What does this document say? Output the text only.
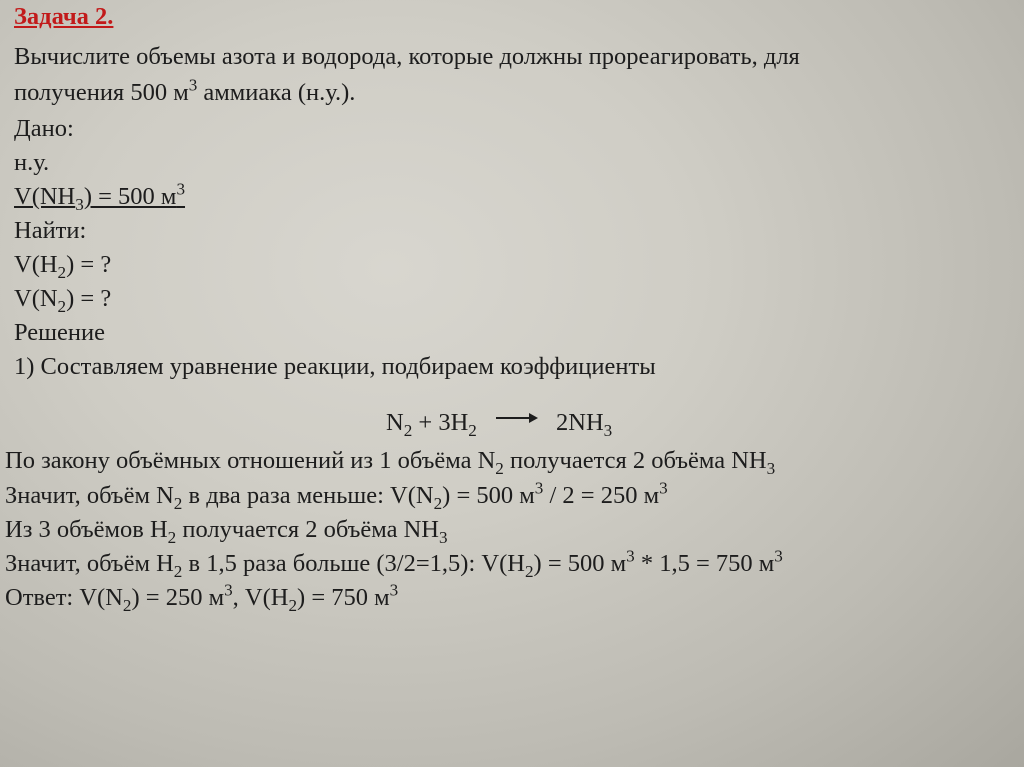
Задача 2.
Вычислите объемы азота и водорода, которые должны прореагировать, для
получения 500 $м^3$ аммиака (н.у.).
Дано:
н.у.
$V(NH_3) = 500$ $м^3$
Найти:
$V(H_2)$ = ?
$V(N_2)$ = ?
Решение
1) Составляем уравнение реакции, подбираем коэффициенты
$N_2 + 3H_2 \to 2NH_3$
По закону объёмных отношений из 1 объёма $N_2$ получается 2 объёма $NH_3$
Значит, объём $N_2$ в два раза меньше: $V(N_2) = 500$ $м^3 / 2 = 250$ $м^3$
Из 3 объёмов $H_2$ получается 2 объёма $NH_3$
Значит, объём $H_2$ в 1,5 раза больше (3/2=1,5): $V(H_2) = 500$ $м^3 * 1,5 = 750$ $м^3$
Ответ: $V(N_2) = 250$ $м^3$, $V(H_2) = 750$ $м^3$
